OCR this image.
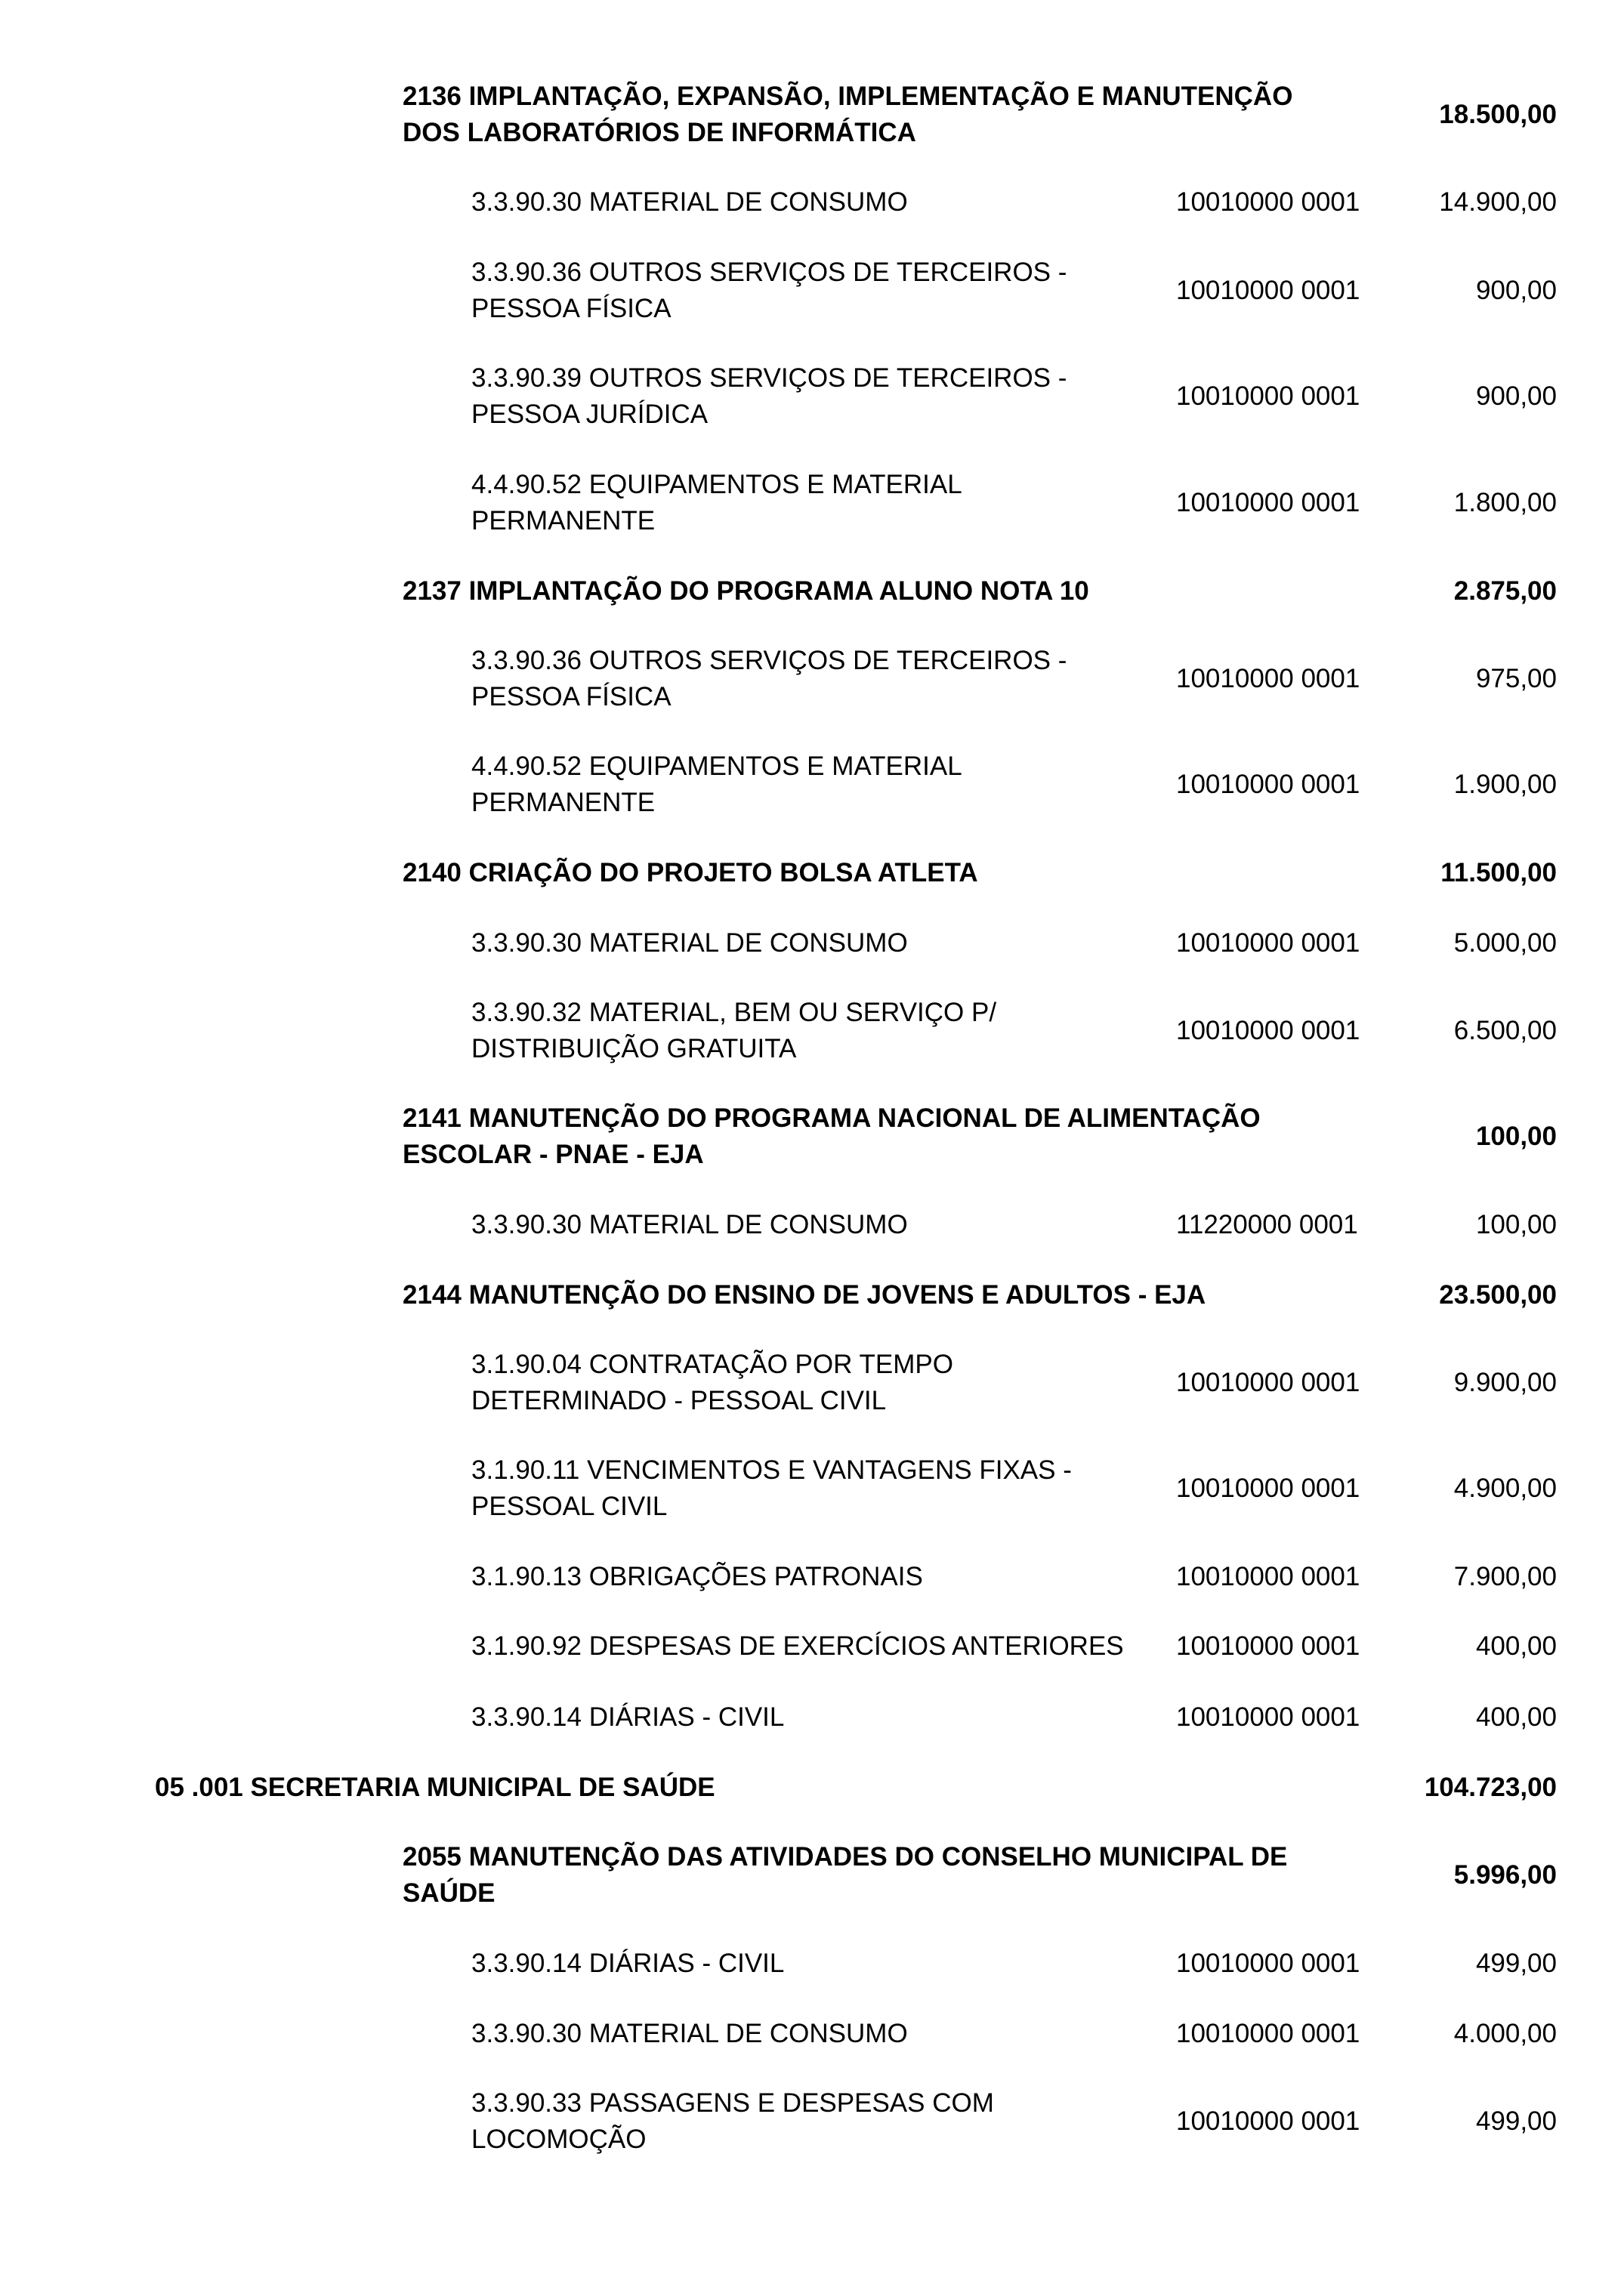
2136 IMPLANTAÇÃO, EXPANSÃO, IMPLEMENTAÇÃO E MANUTENÇÃO
DOS LABORATÓRIOS DE INFORMÁTICA
18.500,00
3.3.90.30 MATERIAL DE CONSUMO	10010000 0001	14.900,00
3.3.90.36 OUTROS SERVIÇOS DE TERCEIROS -
PESSOA FÍSICA
10010000 0001	900,00
3.3.90.39 OUTROS SERVIÇOS DE TERCEIROS -
PESSOA JURÍDICA
10010000 0001	900,00
4.4.90.52 EQUIPAMENTOS E MATERIAL
PERMANENTE
10010000 0001	1.800,00
2137 IMPLANTAÇÃO DO PROGRAMA ALUNO NOTA 10	2.875,00
3.3.90.36 OUTROS SERVIÇOS DE TERCEIROS -
PESSOA FÍSICA
10010000 0001	975,00
4.4.90.52 EQUIPAMENTOS E MATERIAL
PERMANENTE
10010000 0001	1.900,00
2140 CRIAÇÃO DO PROJETO BOLSA ATLETA	11.500,00
3.3.90.30 MATERIAL DE CONSUMO	10010000 0001	5.000,00
3.3.90.32 MATERIAL, BEM OU SERVIÇO P/
DISTRIBUIÇÃO GRATUITA
10010000 0001	6.500,00
2141 MANUTENÇÃO DO PROGRAMA NACIONAL DE ALIMENTAÇÃO
ESCOLAR - PNAE - EJA
100,00
3.3.90.30 MATERIAL DE CONSUMO	11220000 0001	100,00
2144 MANUTENÇÃO DO ENSINO DE JOVENS E ADULTOS - EJA	23.500,00
3.1.90.04 CONTRATAÇÃO POR TEMPO
DETERMINADO - PESSOAL CIVIL
10010000 0001	9.900,00
3.1.90.11 VENCIMENTOS E VANTAGENS FIXAS -
PESSOAL CIVIL
10010000 0001	4.900,00
3.1.90.13 OBRIGAÇÕES PATRONAIS	10010000 0001	7.900,00
3.1.90.92 DESPESAS DE EXERCÍCIOS ANTERIORES 10010000 0001	400,00
3.3.90.14 DIÁRIAS - CIVIL	10010000 0001	400,00
05 .001 SECRETARIA MUNICIPAL DE SAÚDE	104.723,00
2055 MANUTENÇÃO DAS ATIVIDADES DO CONSELHO MUNICIPAL DE
SAÚDE
5.996,00
3.3.90.14 DIÁRIAS - CIVIL	10010000 0001	499,00
3.3.90.30 MATERIAL DE CONSUMO	10010000 0001	4.000,00
3.3.90.33 PASSAGENS E DESPESAS COM
LOCOMOÇÃO
10010000 0001	499,00
